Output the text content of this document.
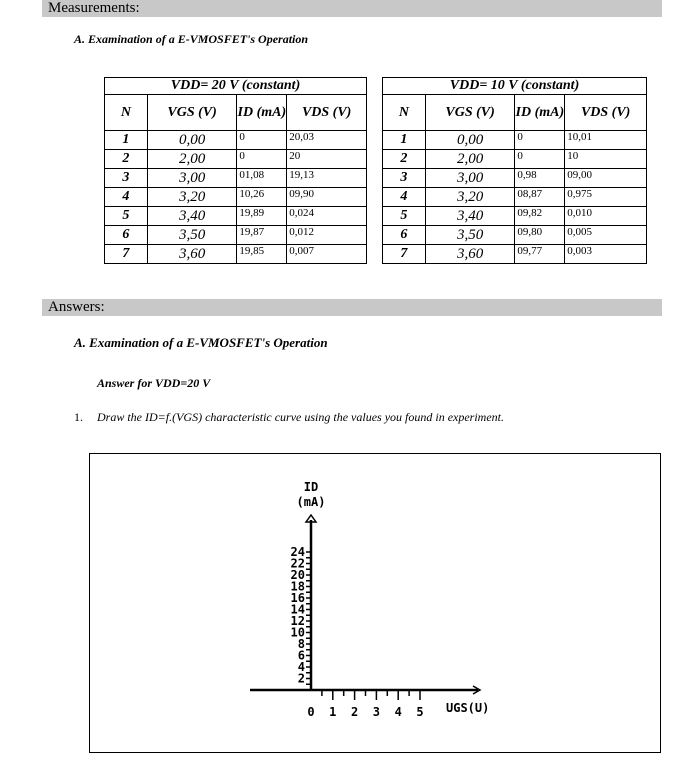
Measurements:
A. Examination of a E-VMOSFET's Operation
VDD= 20 V (constant)			
N	VGS (V)	ID (mA)	VDS (V)
1	0,00	0	20,03
2	2,00	0	20
3	3,00	01,08	19,13
4	3,20	10,26	09,90
5	3,40	19,89	0,024
6	3,50	19,87	0,012
7	3,60	19,85	0,007
VDD= 10 V (constant)			
N	VGS (V)	ID (mA)	VDS (V)
1	0,00	0	10,01
2	2,00	0	10
3	3,00	0,98	09,00
4	3,20	08,87	0,975
5	3,40	09,82	0,010
6	3,50	09,80	0,005
7	3,60	09,77	0,003
Answers:
A. Examination of a E-VMOSFET's Operation
Answer for VDD=20 V
1. Draw the ID=f.(VGS) characteristic curve using the values you found in experiment.
ID
(mA)
2
4
6
8
10
12
14
16
18
20
22
24
0 1 2 3 4 5 UGS(U)
